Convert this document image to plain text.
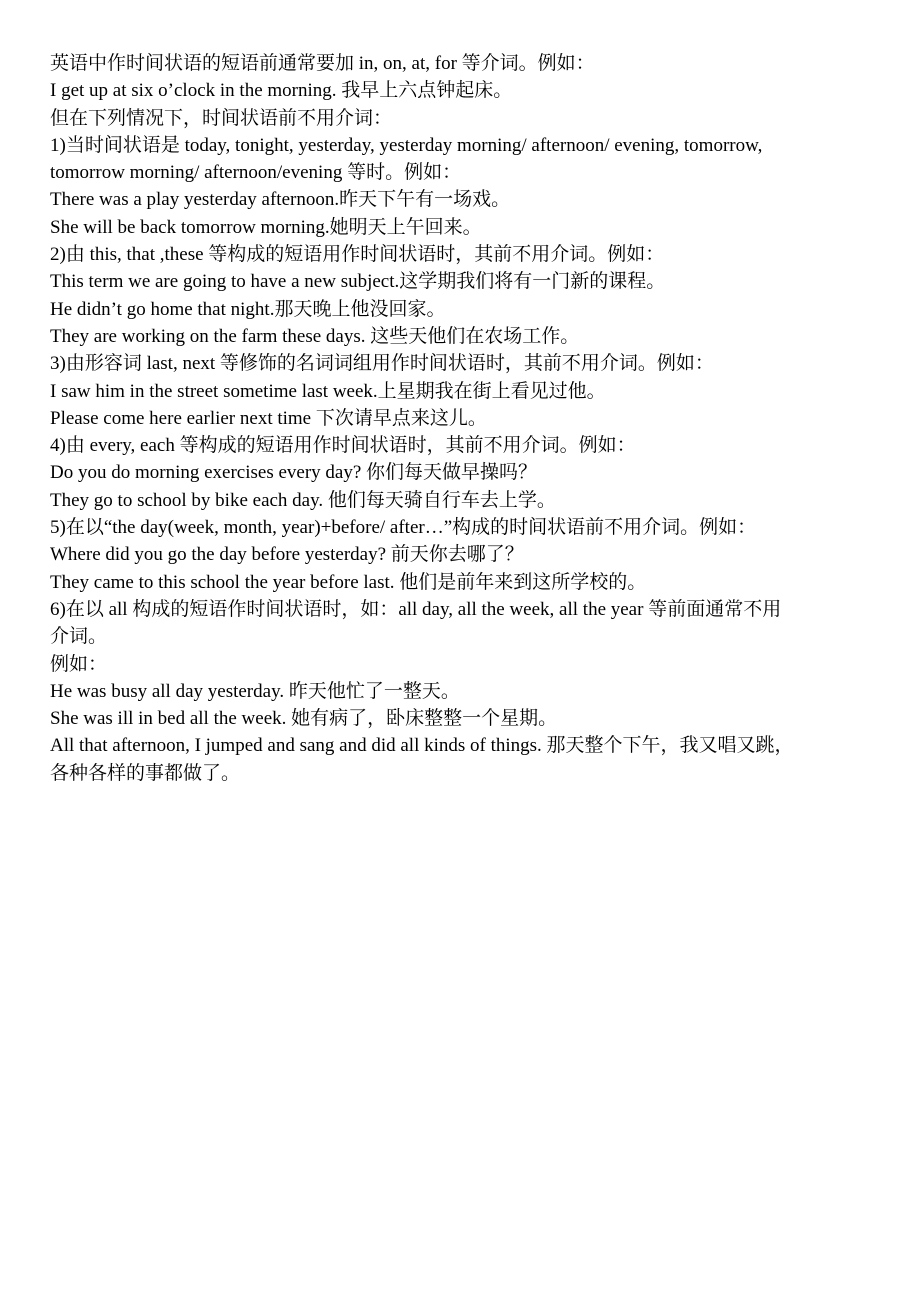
英语中作时间状语的短语前通常要加 in, on, at, for 等介词。例如：
I get up at six o’clock in the morning. 我早上六点钟起床。
但在下列情况下，时间状语前不用介词：
1)当时间状语是 today, tonight, yesterday, yesterday morning/ afternoon/ evening, tomorrow,
tomorrow morning/ afternoon/evening 等时。例如：
There was a play yesterday afternoon.昨天下午有一场戏。
She will be back tomorrow morning.她明天上午回来。
2)由 this, that ,these 等构成的短语用作时间状语时，其前不用介词。例如：
This term we are going to have a new subject.这学期我们将有一门新的课程。
He didn’t go home that night.那天晚上他没回家。
They are working on the farm these days. 这些天他们在农场工作。
3)由形容词 last, next 等修饰的名词词组用作时间状语时，其前不用介词。例如：
I saw him in the street sometime last week.上星期我在街上看见过他。
Please come here earlier next time 下次请早点来这儿。
4)由 every, each 等构成的短语用作时间状语时，其前不用介词。例如：
Do you do morning exercises every day? 你们每天做早操吗？
They go to school by bike each day. 他们每天骑自行车去上学。
5)在以“the day(week, month, year)+before/ after…”构成的时间状语前不用介词。例如：
Where did you go the day before yesterday? 前天你去哪了？
They came to this school the year before last. 他们是前年来到这所学校的。
6)在以 all 构成的短语作时间状语时，如：all day, all the week, all the year 等前面通常不用
介词。
例如：
He was busy all day yesterday. 昨天他忙了一整天。
She was ill in bed all the week. 她有病了，卧床整整一个星期。
All that afternoon, I jumped and sang and did all kinds of things. 那天整个下午，我又唱又跳，
各种各样的事都做了。
